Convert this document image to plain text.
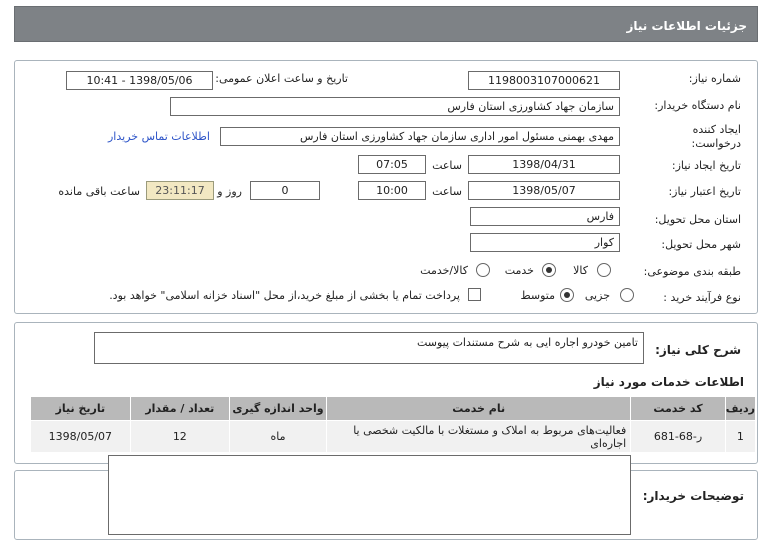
جزئیات اطلاعات نیاز
شماره نیاز:
1198003107000621
تاریخ و ساعت اعلان عمومی:
1398/05/06 - 10:41
نام دستگاه خریدار:
سازمان جهاد کشاورزی استان فارس
ایجاد کننده
درخواست:
مهدی بهمنی مسئول امور اداری سازمان جهاد کشاورزی استان فارس
اطلاعات تماس خریدار
تاریخ ایجاد نیاز:
1398/04/31
ساعت
07:05
تاریخ اعتبار نیاز:
1398/05/07
ساعت
10:00
0
روز و
23:11:17
ساعت باقی مانده
استان محل تحویل:
فارس
شهر محل تحویل:
کوار
طبقه بندی موضوعی:
کالا
خدمت
کالا/خدمت
نوع فرآیند خرید :
جزیی
متوسط
پرداخت تمام یا بخشی از مبلغ خرید،از محل "اسناد خزانه اسلامی" خواهد بود.
شرح کلی نیاز:
تامین خودرو اجاره ایی به شرح مستندات پیوست
اطلاعات خدمات مورد نیاز
ردیف	کد خدمت	نام خدمت	واحد اندازه گیری	تعداد / مقدار	تاریخ نیاز
1	ر-68-681	فعالیت‌های مربوط به املاک و مستغلات با مالکیت شخصی یا اجاره‌ای	ماه	12	1398/05/07
توضیحات خریدار:
